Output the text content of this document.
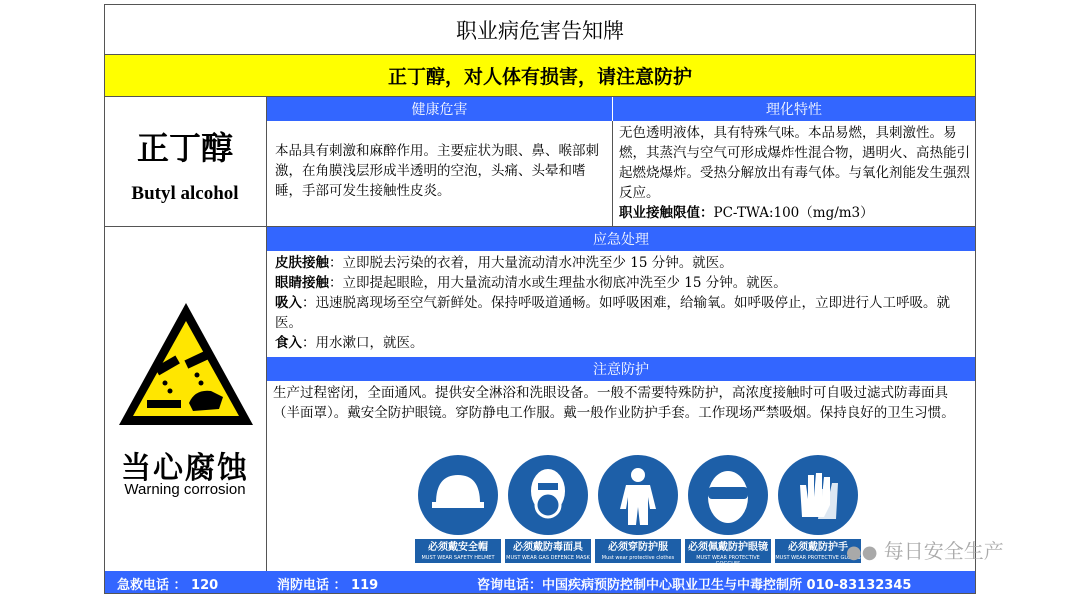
职业病危害告知牌
正丁醇，对人体有损害，请注意防护
正丁醇
Butyl alcohol
健康危害
本品具有刺激和麻醉作用。主要症状为眼、鼻、喉部刺激，在角膜浅层形成半透明的空泡，头痛、头晕和嗜睡，手部可发生接触性皮炎。
理化特性
无色透明液体，具有特殊气味。本品易燃，具刺激性。易燃，其蒸汽与空气可形成爆炸性混合物，遇明火、高热能引起燃烧爆炸。受热分解放出有毒气体。与氧化剂能发生强烈反应。
职业接触限值：PC-TWA:100（mg/m3）
当心腐蚀
Warning corrosion
应急处理
皮肤接触：立即脱去污染的衣着，用大量流动清水冲洗至少 15 分钟。就医。
眼睛接触：立即提起眼睑，用大量流动清水或生理盐水彻底冲洗至少 15 分钟。就医。
吸入：迅速脱离现场至空气新鲜处。保持呼吸道通畅。如呼吸困难，给输氧。如呼吸停止，立即进行人工呼吸。就医。
食入：用水漱口，就医。
注意防护
生产过程密闭，全面通风。提供安全淋浴和洗眼设备。一般不需要特殊防护，高浓度接触时可自吸过滤式防毒面具（半面罩）。戴安全防护眼镜。穿防静电工作服。戴一般作业防护手套。工作现场严禁吸烟。保持良好的卫生习惯。
必须戴安全帽
MUST WEAR SAFETY HELMET
必须戴防毒面具
MUST WEAR GAS DEFENCE MASK
必须穿防护服
Must wear protective clothes
必须佩戴防护眼镜
MUST WEAR PROTECTIVE GOGGLES
必须戴防护手
MUST WEAR PROTECTIVE GLOVES
急救电话 ： 120	消防电话 ： 119	咨询电话：中国疾病预防控制中心职业卫生与中毒控制所 010-83132345
●● 每日安全生产
